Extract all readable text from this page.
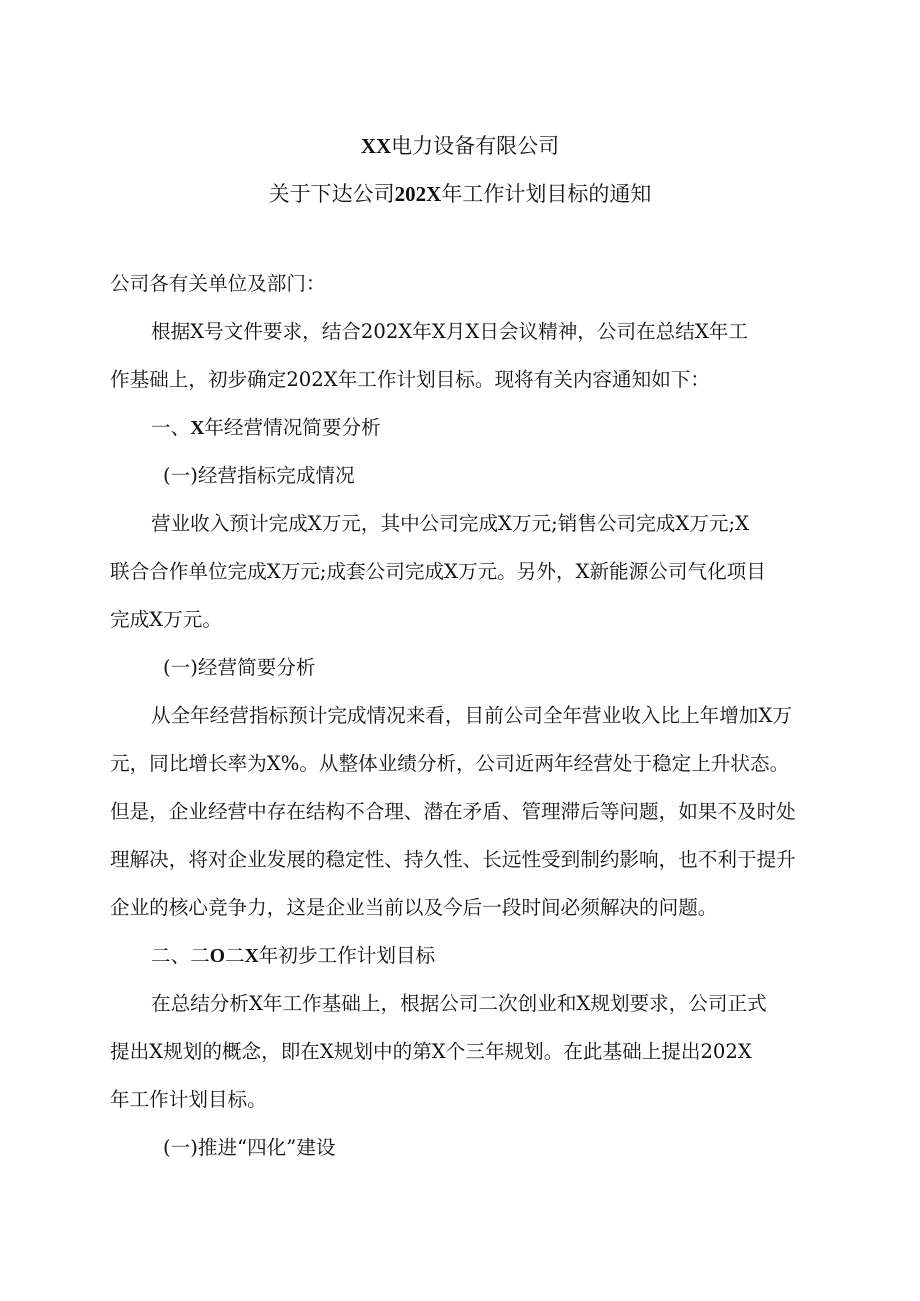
XX电力设备有限公司
关于下达公司202X年工作计划目标的通知
公司各有关单位及部门：
根据X号文件要求，结合202X年X月X日会议精神，公司在总结X年工
作基础上，初步确定202X年工作计划目标。现将有关内容通知如下：
一、X年经营情况简要分析
(一)经营指标完成情况
营业收入预计完成X万元，其中公司完成X万元;销售公司完成X万元;X
联合合作单位完成X万元;成套公司完成X万元。另外，X新能源公司气化项目
完成X万元。
(一)经营简要分析
从全年经营指标预计完成情况来看，目前公司全年营业收入比上年增加X万
元，同比增长率为X%。从整体业绩分析，公司近两年经营处于稳定上升状态。
但是，企业经营中存在结构不合理、潜在矛盾、管理滞后等问题，如果不及时处
理解决，将对企业发展的稳定性、持久性、长远性受到制约影响，也不利于提升
企业的核心竞争力，这是企业当前以及今后一段时间必须解决的问题。
二、二O二X年初步工作计划目标
在总结分析X年工作基础上，根据公司二次创业和X规划要求，公司正式
提出X规划的概念，即在X规划中的第X个三年规划。在此基础上提出202X
年工作计划目标。
(一)推进“四化”建设
